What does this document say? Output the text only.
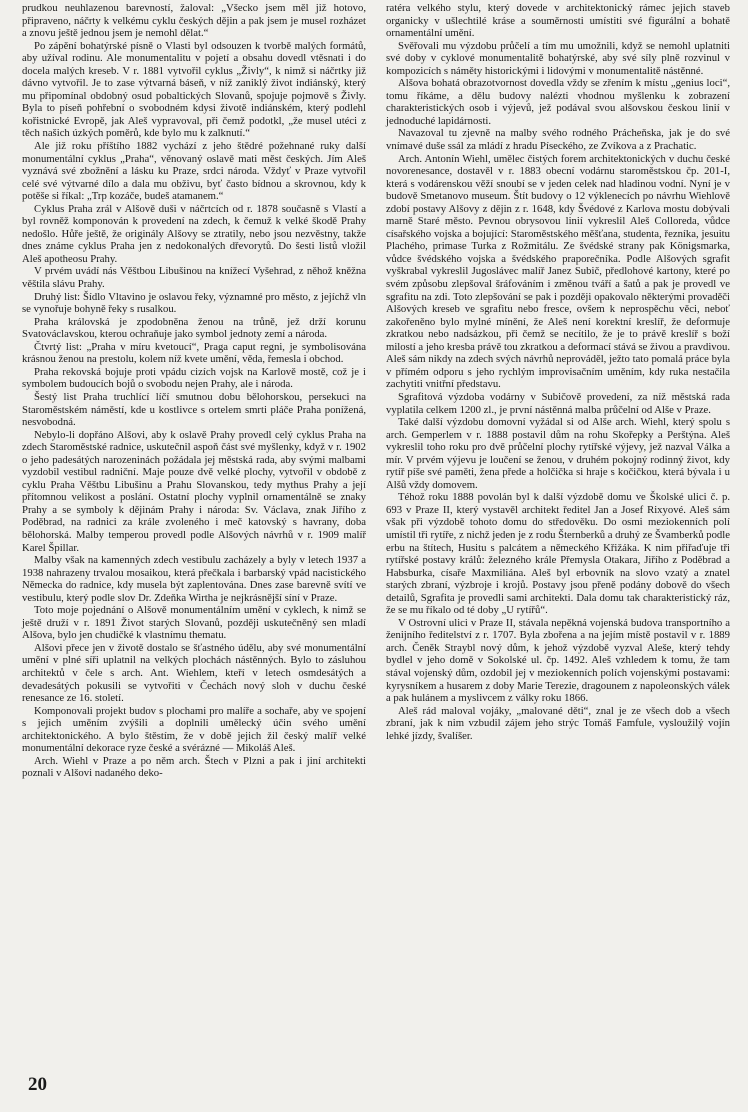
prudkou neuhlazenou barevností, žaloval: „Všecko jsem měl již hotovo, připraveno, náčrty k velkému cyklu českých dějin a pak jsem je musel rozházet a znovu ještě jednou jsem je nemohl dělat.“

Po zápění bohatýrské písně o Vlasti byl odsouzen k tvorbě malých formátů, aby užíval rodinu. Ale monumentalitu v pojetí a obsahu dovedl vtěsnati i do docela malých kreseb. V r. 1881 vytvořil cyklus „Živly“, k nimž si náčrtky již dávno vytvořil. Je to zase výtvarná báseň, v níž zaniklý život indiánský, který mu připomínal obdobný osud pobaltických Slovanů, spojuje pojmově s Živly. Byla to píseň pohřební o svobodném kdysi životě indiánském, který podlehl kořistnické Evropě, jak Aleš vypravoval, při čemž podotkl, „že musel utéci z těch našich úzkých poměrů, kde bylo mu k zalknutí.“

Ale již roku příštího 1882 vychází z jeho štědré požehnané ruky další monumentální cyklus „Praha“, věnovaný oslavě mati měst českých. Jím Aleš vyznává své zbožnění a lásku ku Praze, srdci národa. Vždyť v Praze vytvořil celé své výtvarné dílo a dala mu obživu, byť často bídnou a skrovnou, kdy k potěše si říkal: „Trp kozáče, budeš atamanem.“

Cyklus Praha zrál v Alšově duši v náčrtcích od r. 1878 současně s Vlastí a byl rovněž komponován k provedení na zdech, k čemuž k velké škodě Prahy nedošlo. Hůře ještě, že originály Alšovy se ztratily, nebo jsou nezvěstny, takže dnes známe cyklus Praha jen z nedokonalých dřevorytů. Do šesti listů vložil Aleš apotheosu Prahy.

V prvém uvádí nás Věštbou Libušinou na knížecí Vyšehrad, z něhož kněžna věštila slávu Prahy.

Druhý list: Šídlo Vltavino je oslavou řeky, významné pro město, z jejíchž vln se vynořuje bohyně řeky s rusalkou.

Praha královská je zpodobněna ženou na trůně, jež drží korunu Svatováclavskou, kterou ochraňuje jako symbol jednoty zemí a národa.

Čtvrtý list: „Praha v míru kvetoucí“, Praga caput regni, je symbolisována krásnou ženou na prestolu, kolem níž kvete umění, věda, řemesla i obchod.

Praha rekovská bojuje proti vpádu cizích vojsk na Karlově mostě, což je i symbolem budoucích bojů o svobodu nejen Prahy, ale i národa.

Šestý list Praha truchlící líčí smutnou dobu bělohorskou, persekuci na Staroměstském náměstí, kde u kostlivce s ortelem smrti pláče Praha ponížená, nesvobodná.

Nebylo-li dopřáno Alšovi, aby k oslavě Prahy provedl celý cyklus Praha na zdech Staroměstské radnice, uskutečnil aspoň část své myšlenky, když v r. 1902 o jeho padesátých narozeninách požádala jej městská rada, aby svými malbami vyzdobil vestibul radniční. Maje pouze dvě velké plochy, vytvořil v obdobě z cyklu Praha Věštbu Libušinu a Prahu Slovanskou, tedy mythus Prahy a její přítomnou velikost a poslání. Ostatní plochy vyplnil ornamentálně se znaky Prahy a se symboly k dějinám Prahy i národa: Sv. Václava, znak Jiřího z Poděbrad, na radnici za krále zvoleného i meč katovský s havrany, doba bělohorská. Malby temperou provedl podle Alšových návrhů v r. 1909 malíř Karel Špillar.

Malby však na kamenných zdech vestibulu zacházely a byly v letech 1937 a 1938 nahrazeny trvalou mosaikou, která přečkala i barbarský vpád nacistického Německa do radnice, kdy musela být zaplentována. Dnes zase barevně svítí ve vestibulu, který podle slov Dr. Zdeňka Wirtha je nejkrásnější síní v Praze.

Toto moje pojednání o Alšově monumentálním umění v cyklech, k nimž se ještě druží v r. 1891 Život starých Slovanů, později uskutečněný sen mladí Alšova, bylo jen chudičké k vlastnímu thematu.

Alšovi přece jen v životě dostalo se šťastného údělu, aby své monumentální umění v plné síři uplatnil na velkých plochách nástěnných. Bylo to zásluhou architektů v čele s arch. Ant. Wiehlem, kteří v letech osmdesátých a devadesátých pokusili se vytvořiti v Čechách nový sloh v duchu české renesance ze 16. století.

Komponovali projekt budov s plochami pro malíře a sochaře, aby ve spojení s jejich uměním zvýšili a doplnili umělecký účin svého umění architektonického. A bylo štěstím, že v době jejich žil český malíř velké monumentální dekorace ryze české a svérázné — Mikoláš Aleš.

Arch. Wiehl v Praze a po něm arch. Štech v Plzni a pak i jiní architekti poznali v Alšovi nadaného deko-

ratéra velkého stylu, který dovede v architektonický rámec jejich staveb organicky v ušlechtilé kráse a souměrnosti umístiti své figurální a bohatě ornamentální umění.

Svěřovali mu výzdobu průčelí a tím mu umožnili, když se nemohl uplatniti své doby v cyklové monumentalitě bohatýrské, aby své síly plně rozvinul v kompozicích s náměty historickými i lidovými v monumentalitě nástěnné.

Alšova bohatá obrazotvornost dovedla vždy se zřením k místu „genius loci“, tomu říkáme, a dělu budovy nalézti vhodnou myšlenku k zobrazení charakteristických osob i výjevů, jež podával svou alšovskou českou linií v jednoduché lapidárnosti.

Navazoval tu zjevně na malby svého rodného Prácheňska, jak je do své vnímavé duše ssál za mládí z hradu Píseckého, ze Zvíkova a z Prachatic.

Arch. Antonín Wiehl, umělec čistých forem architektonických v duchu české novorenesance, dostavěl v r. 1883 obecní vodárnu staroměstskou čp. 201-I, která s vodárenskou věží snoubí se v jeden celek nad hladinou vodní. Nyní je v budově Smetanovo museum. Štít budovy o 12 výklenecích po návrhu Wiehlově zdobí postavy Alšovy z dějin z r. 1648, kdy Švédové z Karlova mostu dobývali marně Staré město. Pevnou obrysovou linií vykreslil Aleš Colloreda, vůdce císařského vojska a bojující: Staroměstského měšťana, studenta, řezníka, jesuitu Plachého, primase Turka z Rožmitálu. Ze švédské strany pak Königsmarka, vůdce švédského vojska a švédského praporečníka. Podle Alšových sgrafit vyškrabal vykreslil Jugoslávec malíř Janez Subič, předlohové kartony, které po svém způsobu zlepšoval šráfováním i změnou tváří a šatů a pak je provedl ve sgrafitu na zdi. Toto zlepšování se pak i později opakovalo některými provaděči Alšových kreseb ve sgrafitu nebo fresce, ovšem k neprospěchu věci, neboť zakořeněno bylo mylné mínění, že Aleš není korektní kreslíř, že deformuje zkratkou nebo nadsázkou, při čemž se necítilo, že je to právě kreslíř s boží milostí a jeho kresba právě tou zkratkou a deformací stává se živou a pravdivou. Aleš sám nikdy na zdech svých návrhů neprováděl, ježto tato pomalá práce byla v přímém odporu s jeho rychlým improvisačním uměním, kdy ruka nestačila zachytiti vnitřní představu.

Sgrafitová výzdoba vodárny v Subičově provedení, za níž městská rada vyplatila celkem 1200 zl., je první nástěnná malba průčelní od Alše v Praze.

Také další výzdobu domovní vyžádal si od Alše arch. Wiehl, který spolu s arch. Gemperlem v r. 1888 postavil dům na rohu Skořepky a Perštýna. Aleš vykreslil toho roku pro dvě průčelní plochy rytířské výjevy, jež nazval Válka a mír. V prvém výjevu je loučení se ženou, v druhém pokojný rodinný život, kdy rytíř píše své paměti, žena přede a holčička si hraje s kočičkou, která bývala i u Alšů vždy domovem.

Téhož roku 1888 povolán byl k další výzdobě domu ve Školské ulici č. p. 693 v Praze II, který vystavěl architekt ředitel Jan a Josef Rixyové. Aleš sám však při výzdobě tohoto domu do středověku. Do osmi meziokenních polí umístil tři rytíře, z nichž jeden je z rodu Šternberků a druhý ze Švamberků podle erbu na štítech, Husitu s palcátem a německého Křižáka. K nim přiřaďuje tři rytířské postavy králů: železného krále Přemysla Otakara, Jiřího z Poděbrad a Habsburka, císaře Maxmiliána. Aleš byl erbovník na slovo vzatý a znatel starých zbraní, výzbroje i krojů. Postavy jsou přeně podány dobově do všech detailů, Sgrafita je provedli sami architekti. Dala domu tak charakteristický ráz, že se mu říkalo od té doby „U rytířů“.

V Ostrovní ulici v Praze II, stávala nepěkná vojenská budova transportního a ženijního ředitelství z r. 1707. Byla zbořena a na jejím místě postavil v r. 1889 arch. Čeněk Straybl nový dům, k jehož výzdobě vyzval Aleše, který tehdy bydlel v jeho domě v Sokolské ul. čp. 1492. Aleš vzhledem k tomu, že tam stával vojenský dům, ozdobil jej v meziokenních polích vojenskými postavami: kyrysníkem a husarem z doby Marie Terezie, dragounem z napoleonských válek a pak hulánem a myslivcem z války roku 1866.

Aleš rád maloval vojáky, „malované děti“, znal je ze všech dob a všech zbraní, jak k nim vzbudil zájem jeho strýc Tomáš Famfule, vysloužilý vojín lehké jízdy, švalíšer.

20
